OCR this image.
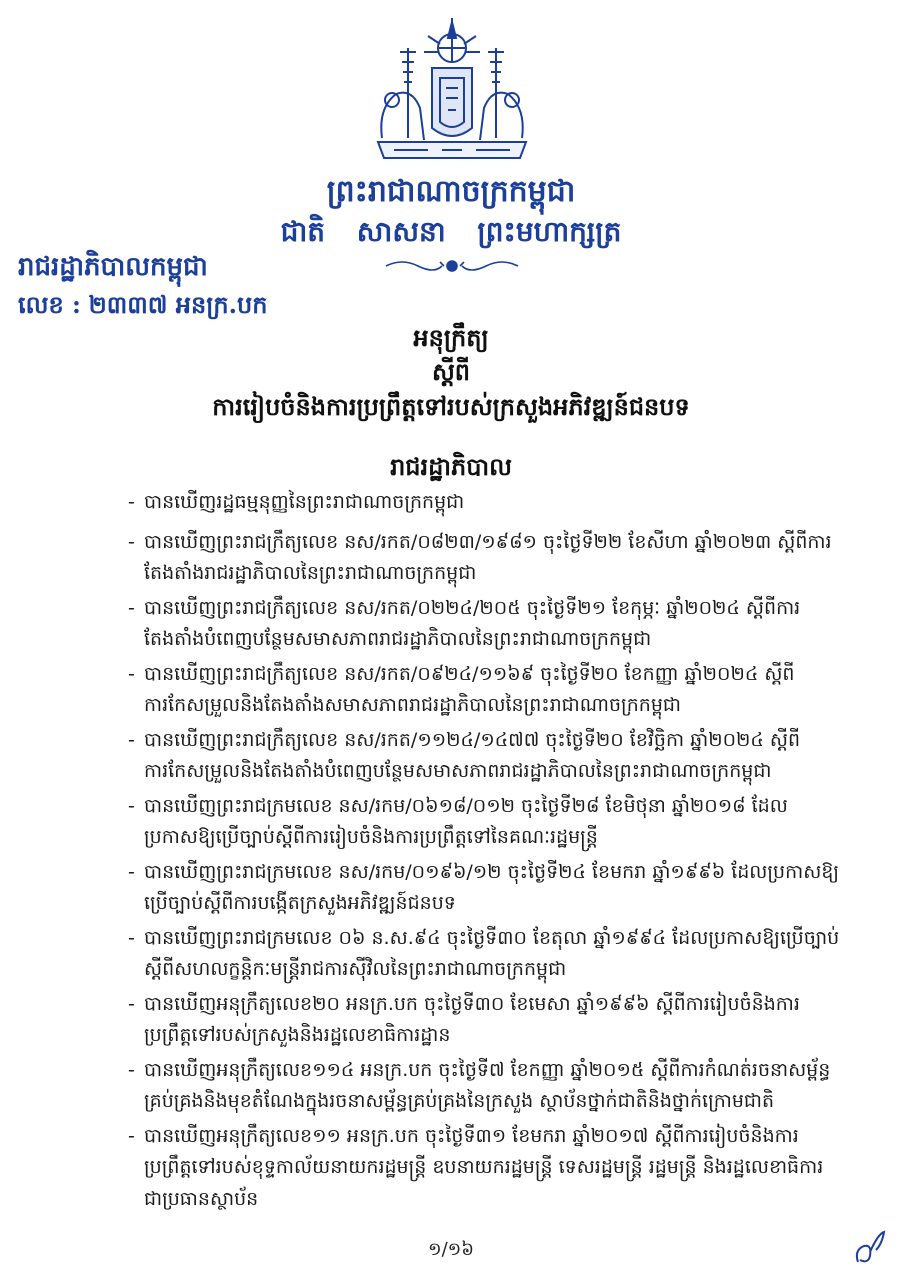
ព្រះរាជាណាចក្រកម្ពុជា
ជាតិ សាសនា ព្រះមហាក្សត្រ
រាជរដ្ឋាភិបាលកម្ពុជា
លេខ : ២៣៣៧ អនក្រ.បក
អនុក្រឹត្យ
ស្តីពី
ការរៀបចំនិងការប្រព្រឹត្តទៅរបស់ក្រសួងអភិវឌ្ឍន៍ជនបទ
រាជរដ្ឋាភិបាល
- បានឃើញរដ្ឋធម្មនុញ្ញនៃព្រះរាជាណាចក្រកម្ពុជា
- បានឃើញព្រះរាជក្រឹត្យលេខ នស/រកត/០៨២៣/១៩៨១ ចុះថ្ងៃទី២២ ខែសីហា ឆ្នាំ២០២៣ ស្តីពីការតែងតាំងរាជរដ្ឋាភិបាលនៃព្រះរាជាណាចក្រកម្ពុជា
- បានឃើញព្រះរាជក្រឹត្យលេខ នស/រកត/០២២៤/២០៥ ចុះថ្ងៃទី២១ ខែកុម្ភៈ ឆ្នាំ២០២៤ ស្តីពីការតែងតាំងបំពេញបន្ថែមសមាសភាពរាជរដ្ឋាភិបាលនៃព្រះរាជាណាចក្រកម្ពុជា
- បានឃើញព្រះរាជក្រឹត្យលេខ នស/រកត/០៩២៤/១១៦៩ ចុះថ្ងៃទី២០ ខែកញ្ញា ឆ្នាំ២០២៤ ស្តីពីការកែសម្រួលនិងតែងតាំងសមាសភាពរាជរដ្ឋាភិបាលនៃព្រះរាជាណាចក្រកម្ពុជា
- បានឃើញព្រះរាជក្រឹត្យលេខ នស/រកត/១១២៤/១៤៧៧ ចុះថ្ងៃទី២០ ខែវិច្ឆិកា ឆ្នាំ២០២៤ ស្តីពីការកែសម្រួលនិងតែងតាំងបំពេញបន្ថែមសមាសភាពរាជរដ្ឋាភិបាលនៃព្រះរាជាណាចក្រកម្ពុជា
- បានឃើញព្រះរាជក្រមលេខ នស/រកម/០៦១៨/០១២ ចុះថ្ងៃទី២៨ ខែមិថុនា ឆ្នាំ២០១៨ ដែលប្រកាសឱ្យប្រើច្បាប់ស្តីពីការរៀបចំនិងការប្រព្រឹត្តទៅនៃគណៈរដ្ឋមន្ត្រី
- បានឃើញព្រះរាជក្រមលេខ នស/រកម/០១៩៦/១២ ចុះថ្ងៃទី២៤ ខែមករា ឆ្នាំ១៩៩៦ ដែលប្រកាសឱ្យប្រើច្បាប់ស្តីពីការបង្កើតក្រសួងអភិវឌ្ឍន៍ជនបទ
- បានឃើញព្រះរាជក្រមលេខ ០៦ ន.ស.៩៤ ចុះថ្ងៃទី៣០ ខែតុលា ឆ្នាំ១៩៩៤ ដែលប្រកាសឱ្យប្រើច្បាប់ស្តីពីសហលក្ខន្តិកៈមន្ត្រីរាជការស៊ីវិលនៃព្រះរាជាណាចក្រកម្ពុជា
- បានឃើញអនុក្រឹត្យលេខ២០ អនក្រ.បក ចុះថ្ងៃទី៣០ ខែមេសា ឆ្នាំ១៩៩៦ ស្តីពីការរៀបចំនិងការប្រព្រឹត្តទៅរបស់ក្រសួងនិងរដ្ឋលេខាធិការដ្ឋាន
- បានឃើញអនុក្រឹត្យលេខ១១៤ អនក្រ.បក ចុះថ្ងៃទី៧ ខែកញ្ញា ឆ្នាំ២០១៥ ស្តីពីការកំណត់រចនាសម្ព័ន្ធគ្រប់គ្រងនិងមុខតំណែងក្នុងរចនាសម្ព័ន្ធគ្រប់គ្រងនៃក្រសួង ស្ថាប័នថ្នាក់ជាតិនិងថ្នាក់ក្រោមជាតិ
- បានឃើញអនុក្រឹត្យលេខ១១ អនក្រ.បក ចុះថ្ងៃទី៣១ ខែមករា ឆ្នាំ២០១៧ ស្តីពីការរៀបចំនិងការប្រព្រឹត្តទៅរបស់ខុទ្ទកាល័យនាយករដ្ឋមន្ត្រី ឧបនាយករដ្ឋមន្ត្រី ទេសរដ្ឋមន្ត្រី រដ្ឋមន្ត្រី និងរដ្ឋលេខាធិការជាប្រធានស្ថាប័ន
១/១៦
